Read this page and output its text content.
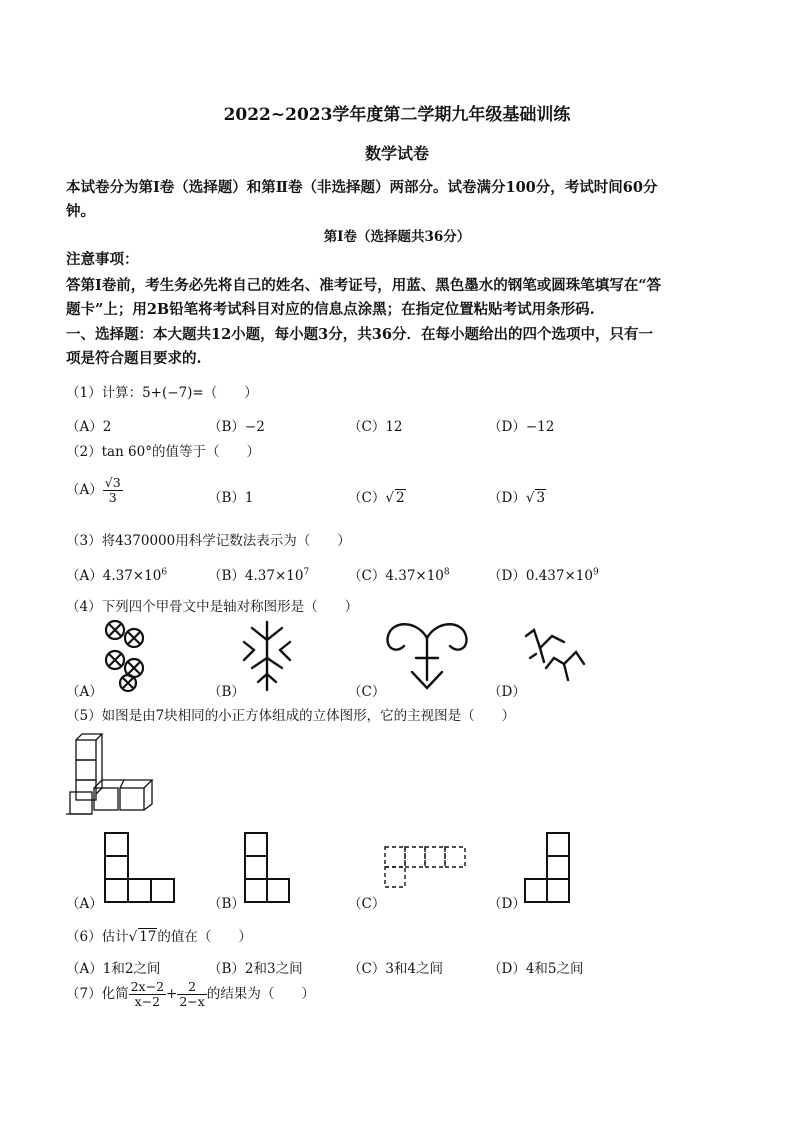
2022~2023学年度第二学期九年级基础训练
数学试卷
本试卷分为第Ⅰ卷（选择题）和第Ⅱ卷（非选择题）两部分。试卷满分100分，考试时间60分
钟。
第Ⅰ卷（选择题共36分）
注意事项：
答第Ⅰ卷前，考生务必先将自己的姓名、准考证号，用蓝、黑色墨水的钢笔或圆珠笔填写在“答
题卡”上；用2B铅笔将考试科目对应的信息点涂黑；在指定位置粘贴考试用条形码.
一、选择题：本大题共12小题，每小题3分，共36分．在每小题给出的四个选项中，只有一
项是符合题目要求的.
（1）计算：5+(−7)=（　　）
（A）2	（B）−2	（C）12	（D）−12
（2）tan 60°的值等于（　　）
$(A) \frac{√3}{3}$	（B）1	（C）√ 2	（D）√ 3
（3）将4370000用科学记数法表示为（　　）
$(A)4.37\times 10^6$	$(B)4.37\times 10^7$	$(C)4.37\times 10^8$	$(D)0.437\times 10^9$
（4）下列四个甲骨文中是轴对称图形是（　　）
（A）	（B）	（C）	（D）
（5）如图是由7块相同的小正方体组成的立体图形，它的主视图是（　　）
（A）	（B）	（C）	（D）
（6）估计√ 17的值在（　　）
（A）1和2之间	（B）2和3之间	（C）3和4之间	（D）4和5之间
（7）化简 $\frac{2x-2}{x-2} + \frac{2}{2-x}$ 的结果为（　　）
